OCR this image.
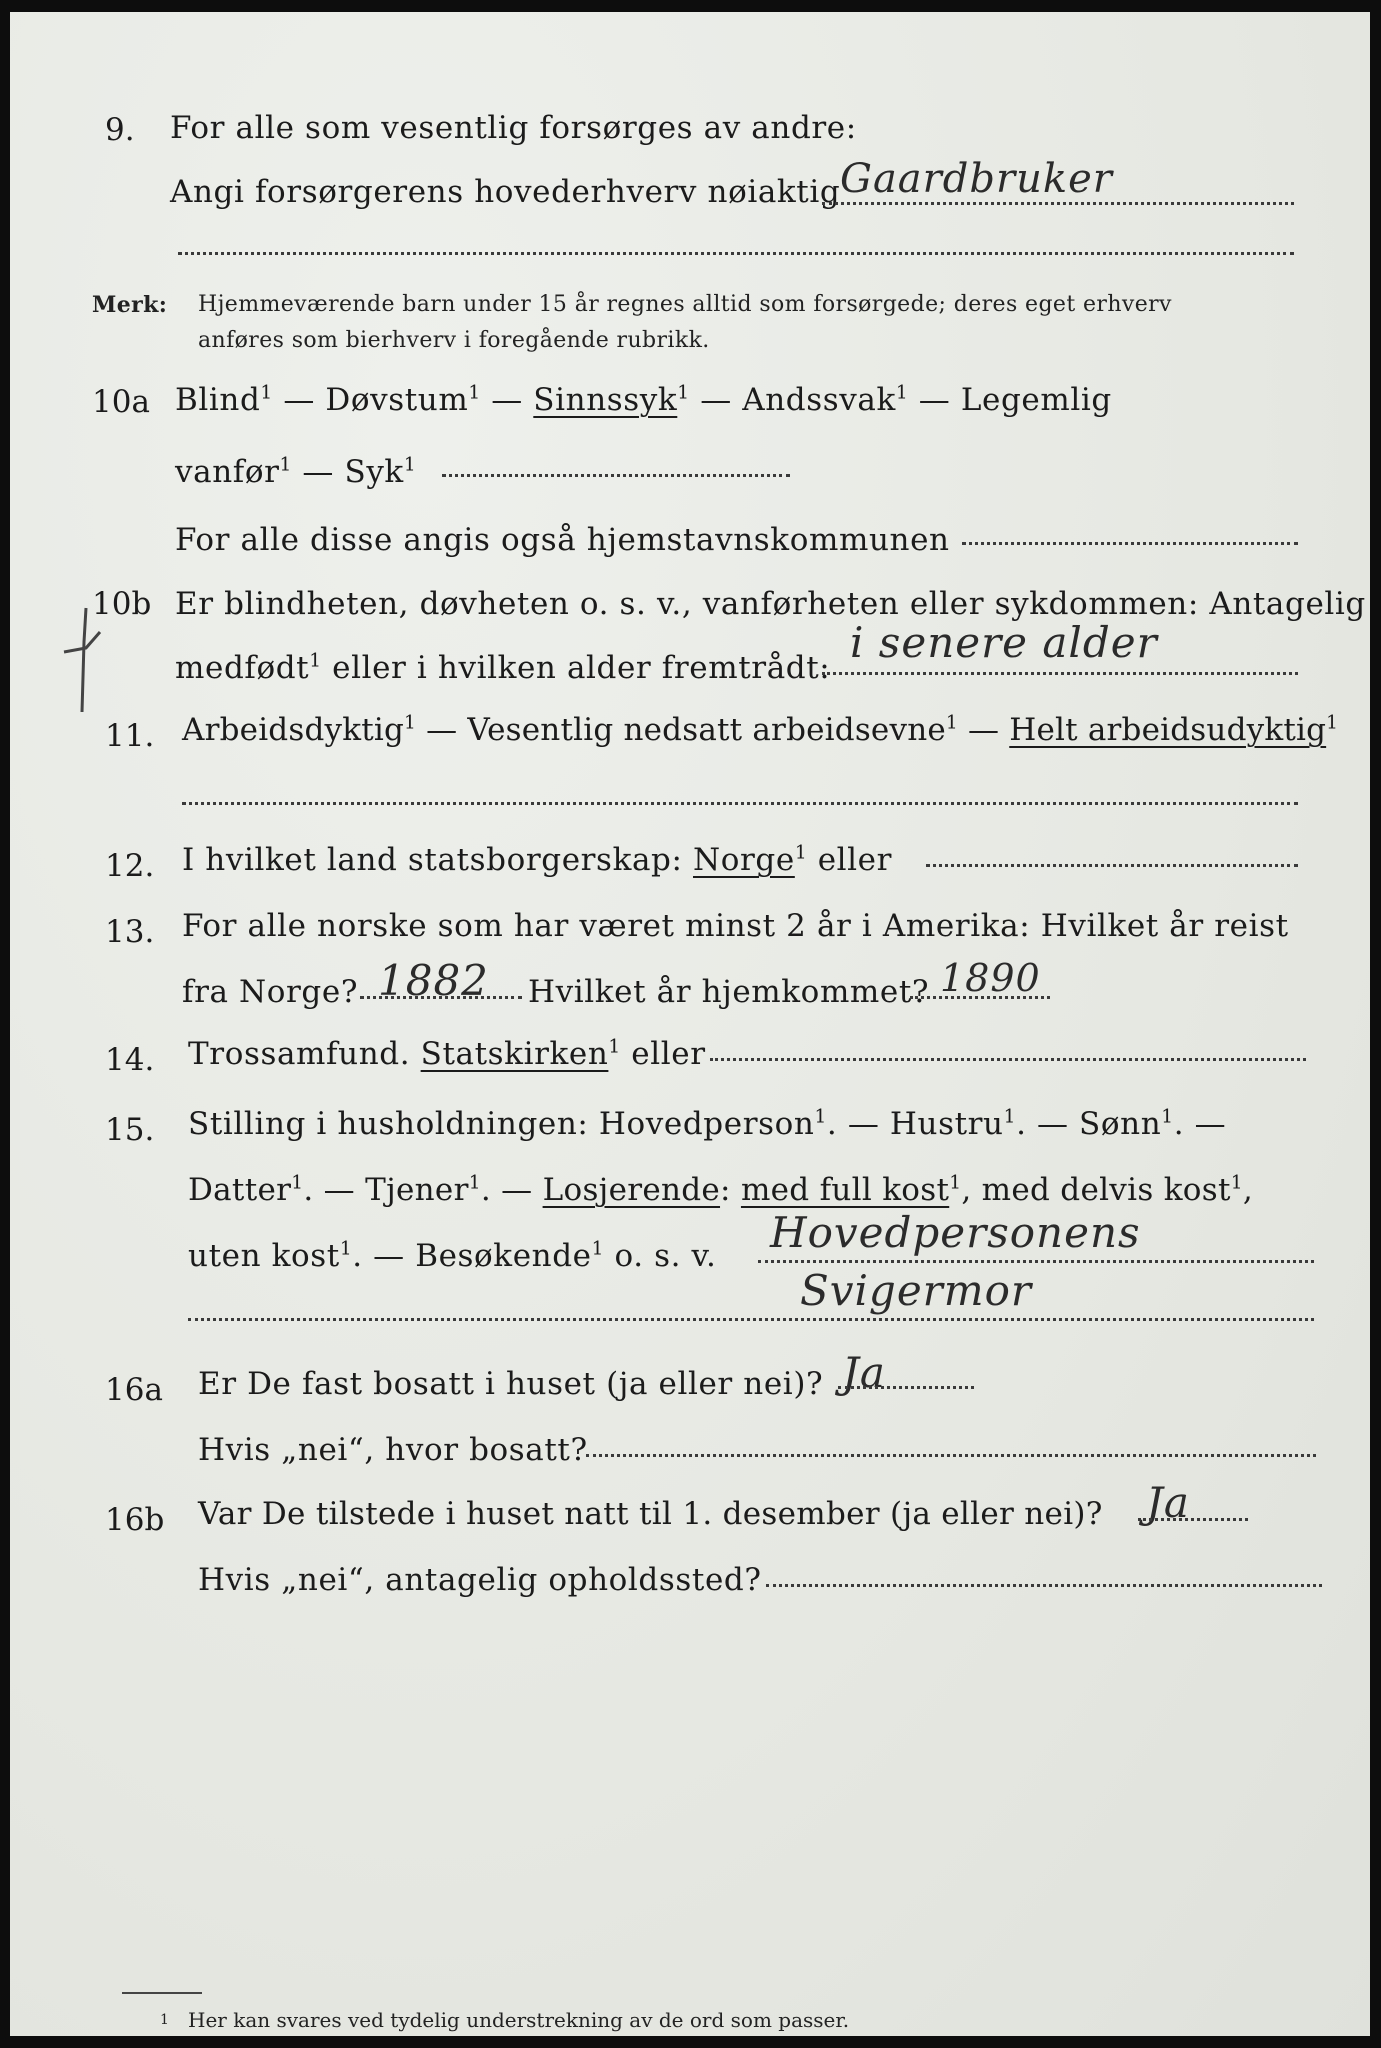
9. For alle som vesentlig forsørges av andre:
Angi forsørgerens hovederhverv nøiaktig Gaardbruker
Merk: Hjemmeværende barn under 15 år regnes alltid som forsørgede; deres eget erhverv
anføres som bierhverv i foregående rubrikk.
10a Blind$^1$ — Døvstum$^1$ — Sinnssyk$^1$ — Andssvak$^1$ — Legemlig
vanfør$^1$ — Syk$^1$
For alle disse angis også hjemstavnskommunen
10b Er blindheten, døvheten o. s. v., vanførheten eller sykdommen: Antagelig
medfødt$^1$ eller i hvilken alder fremtrådt:
i senere alder
11. Arbeidsdyktig$^1$ — Vesentlig nedsatt arbeidsevne$^1$ — Helt arbeidsudyktig$^1$
12. I hvilket land statsborgerskap: Norge$^1$ eller
13. For alle norske som har været minst 2 år i Amerika: Hvilket år reist
fra Norge? 1882 Hvilket år hjemkommet? 1890
14. Trossamfund. Statskirken$^1$ eller
15. Stilling i husholdningen: Hovedperson$^1$. — Hustru$^1$. — Sønn$^1$. —
Datter$^1$. — Tjener$^1$. — Losjerende: med full kost$^1$, med delvis kost$^1$,
uten kost$^1$. — Besøkende$^1$ o. s. v. Hovedpersonens
Svigermor
16a Er De fast bosatt i huset (ja eller nei)? Ja
Hvis „nei“, hvor bosatt?
16b Var De tilstede i huset natt til 1. desember (ja eller nei)? Ja
Hvis „nei“, antagelig opholdssted?
1 Her kan svares ved tydelig understrekning av de ord som passer.
